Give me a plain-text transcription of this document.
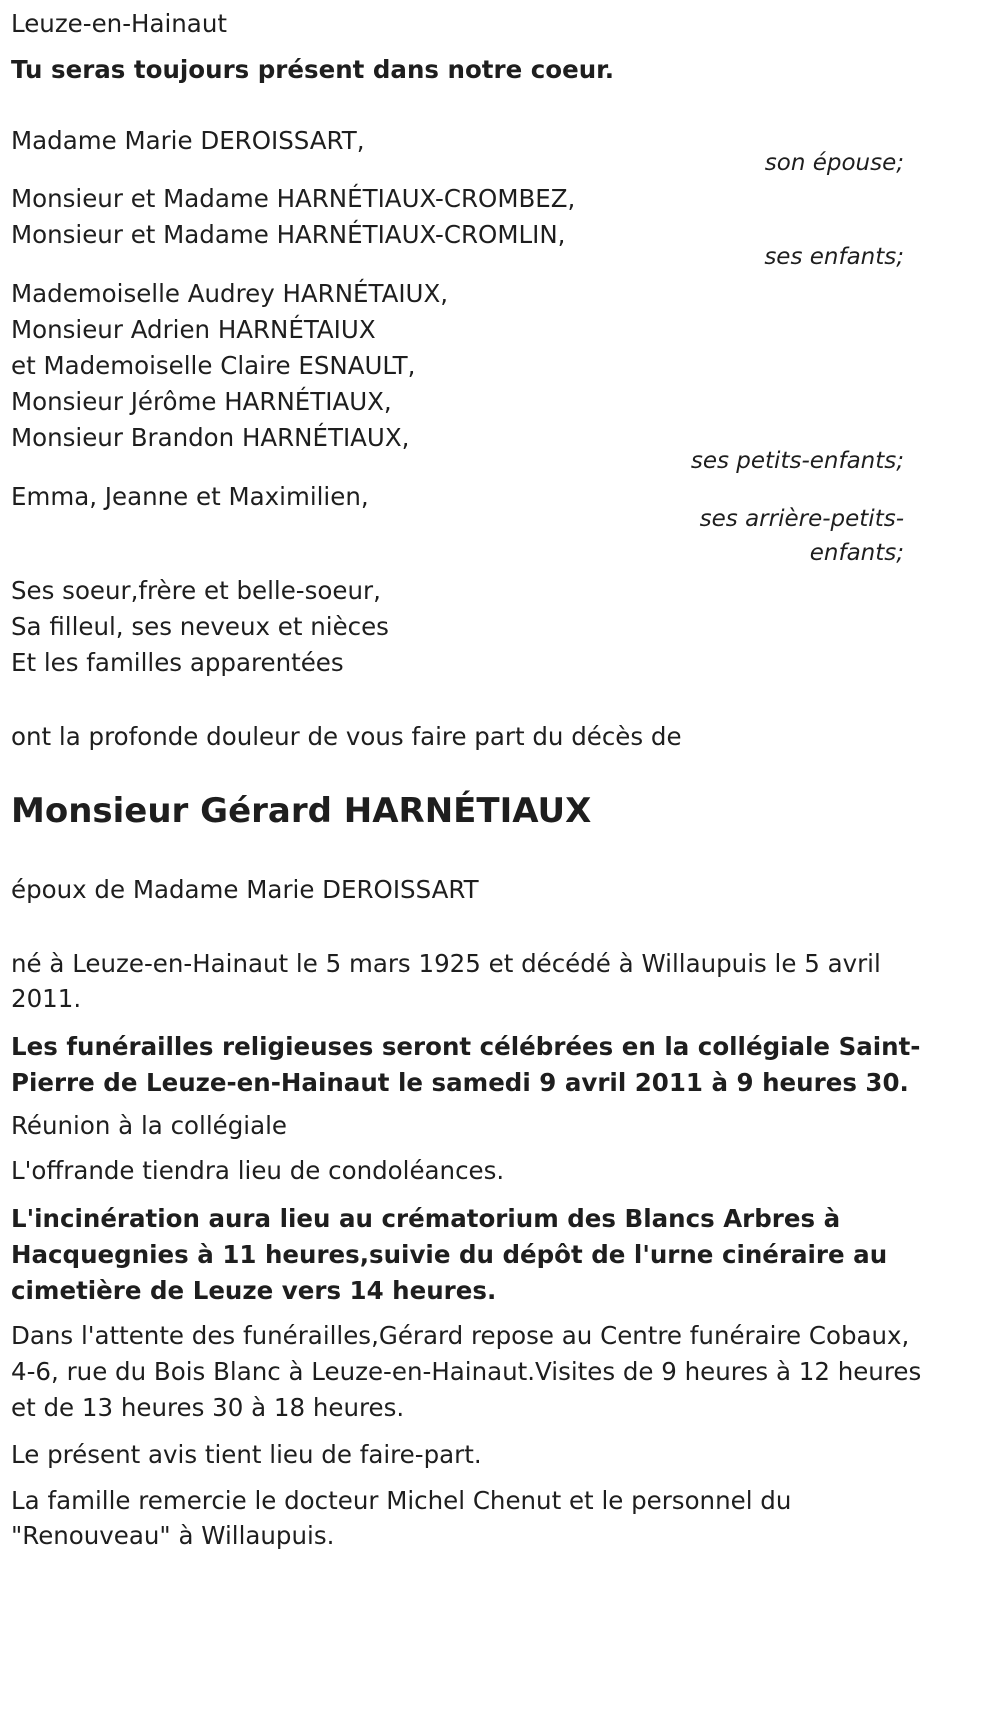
Leuze-en-Hainaut

Tu seras toujours présent dans notre coeur.

Madame Marie DEROISSART,

son épouse;

Monsieur et Madame HARNÉTIAUX-CROMBEZ,

Monsieur et Madame HARNÉTIAUX-CROMLIN,

ses enfants;

Mademoiselle Audrey HARNÉTAIUX,

Monsieur Adrien HARNÉTAIUX

et Mademoiselle Claire ESNAULT,

Monsieur Jérôme HARNÉTIAUX,

Monsieur Brandon HARNÉTIAUX,

ses petits-enfants;

Emma, Jeanne et Maximilien,

ses arrière-petits-

enfants;

Ses soeur,frère et belle-soeur,

Sa filleul, ses neveux et nièces

Et les familles apparentées

ont la profonde douleur de vous faire part du décès de

Monsieur Gérard HARNÉTIAUX

époux de Madame Marie DEROISSART

né à Leuze-en-Hainaut le 5 mars 1925 et décédé à Willaupuis le 5 avril

2011.

Les funérailles religieuses seront célébrées en la collégiale Saint-

Pierre de Leuze-en-Hainaut le samedi 9 avril 2011 à 9 heures 30.

Réunion à la collégiale

L'offrande tiendra lieu de condoléances.

L'incinération aura lieu au crématorium des Blancs Arbres à

Hacquegnies à 11 heures,suivie du dépôt de l'urne cinéraire au

cimetière de Leuze vers 14 heures.

Dans l'attente des funérailles,Gérard repose au Centre funéraire Cobaux,

4-6, rue du Bois Blanc à Leuze-en-Hainaut.Visites de 9 heures à 12 heures

et de 13 heures 30 à 18 heures.

Le présent avis tient lieu de faire-part.

La famille remercie le docteur Michel Chenut et le personnel du

"Renouveau" à Willaupuis.
